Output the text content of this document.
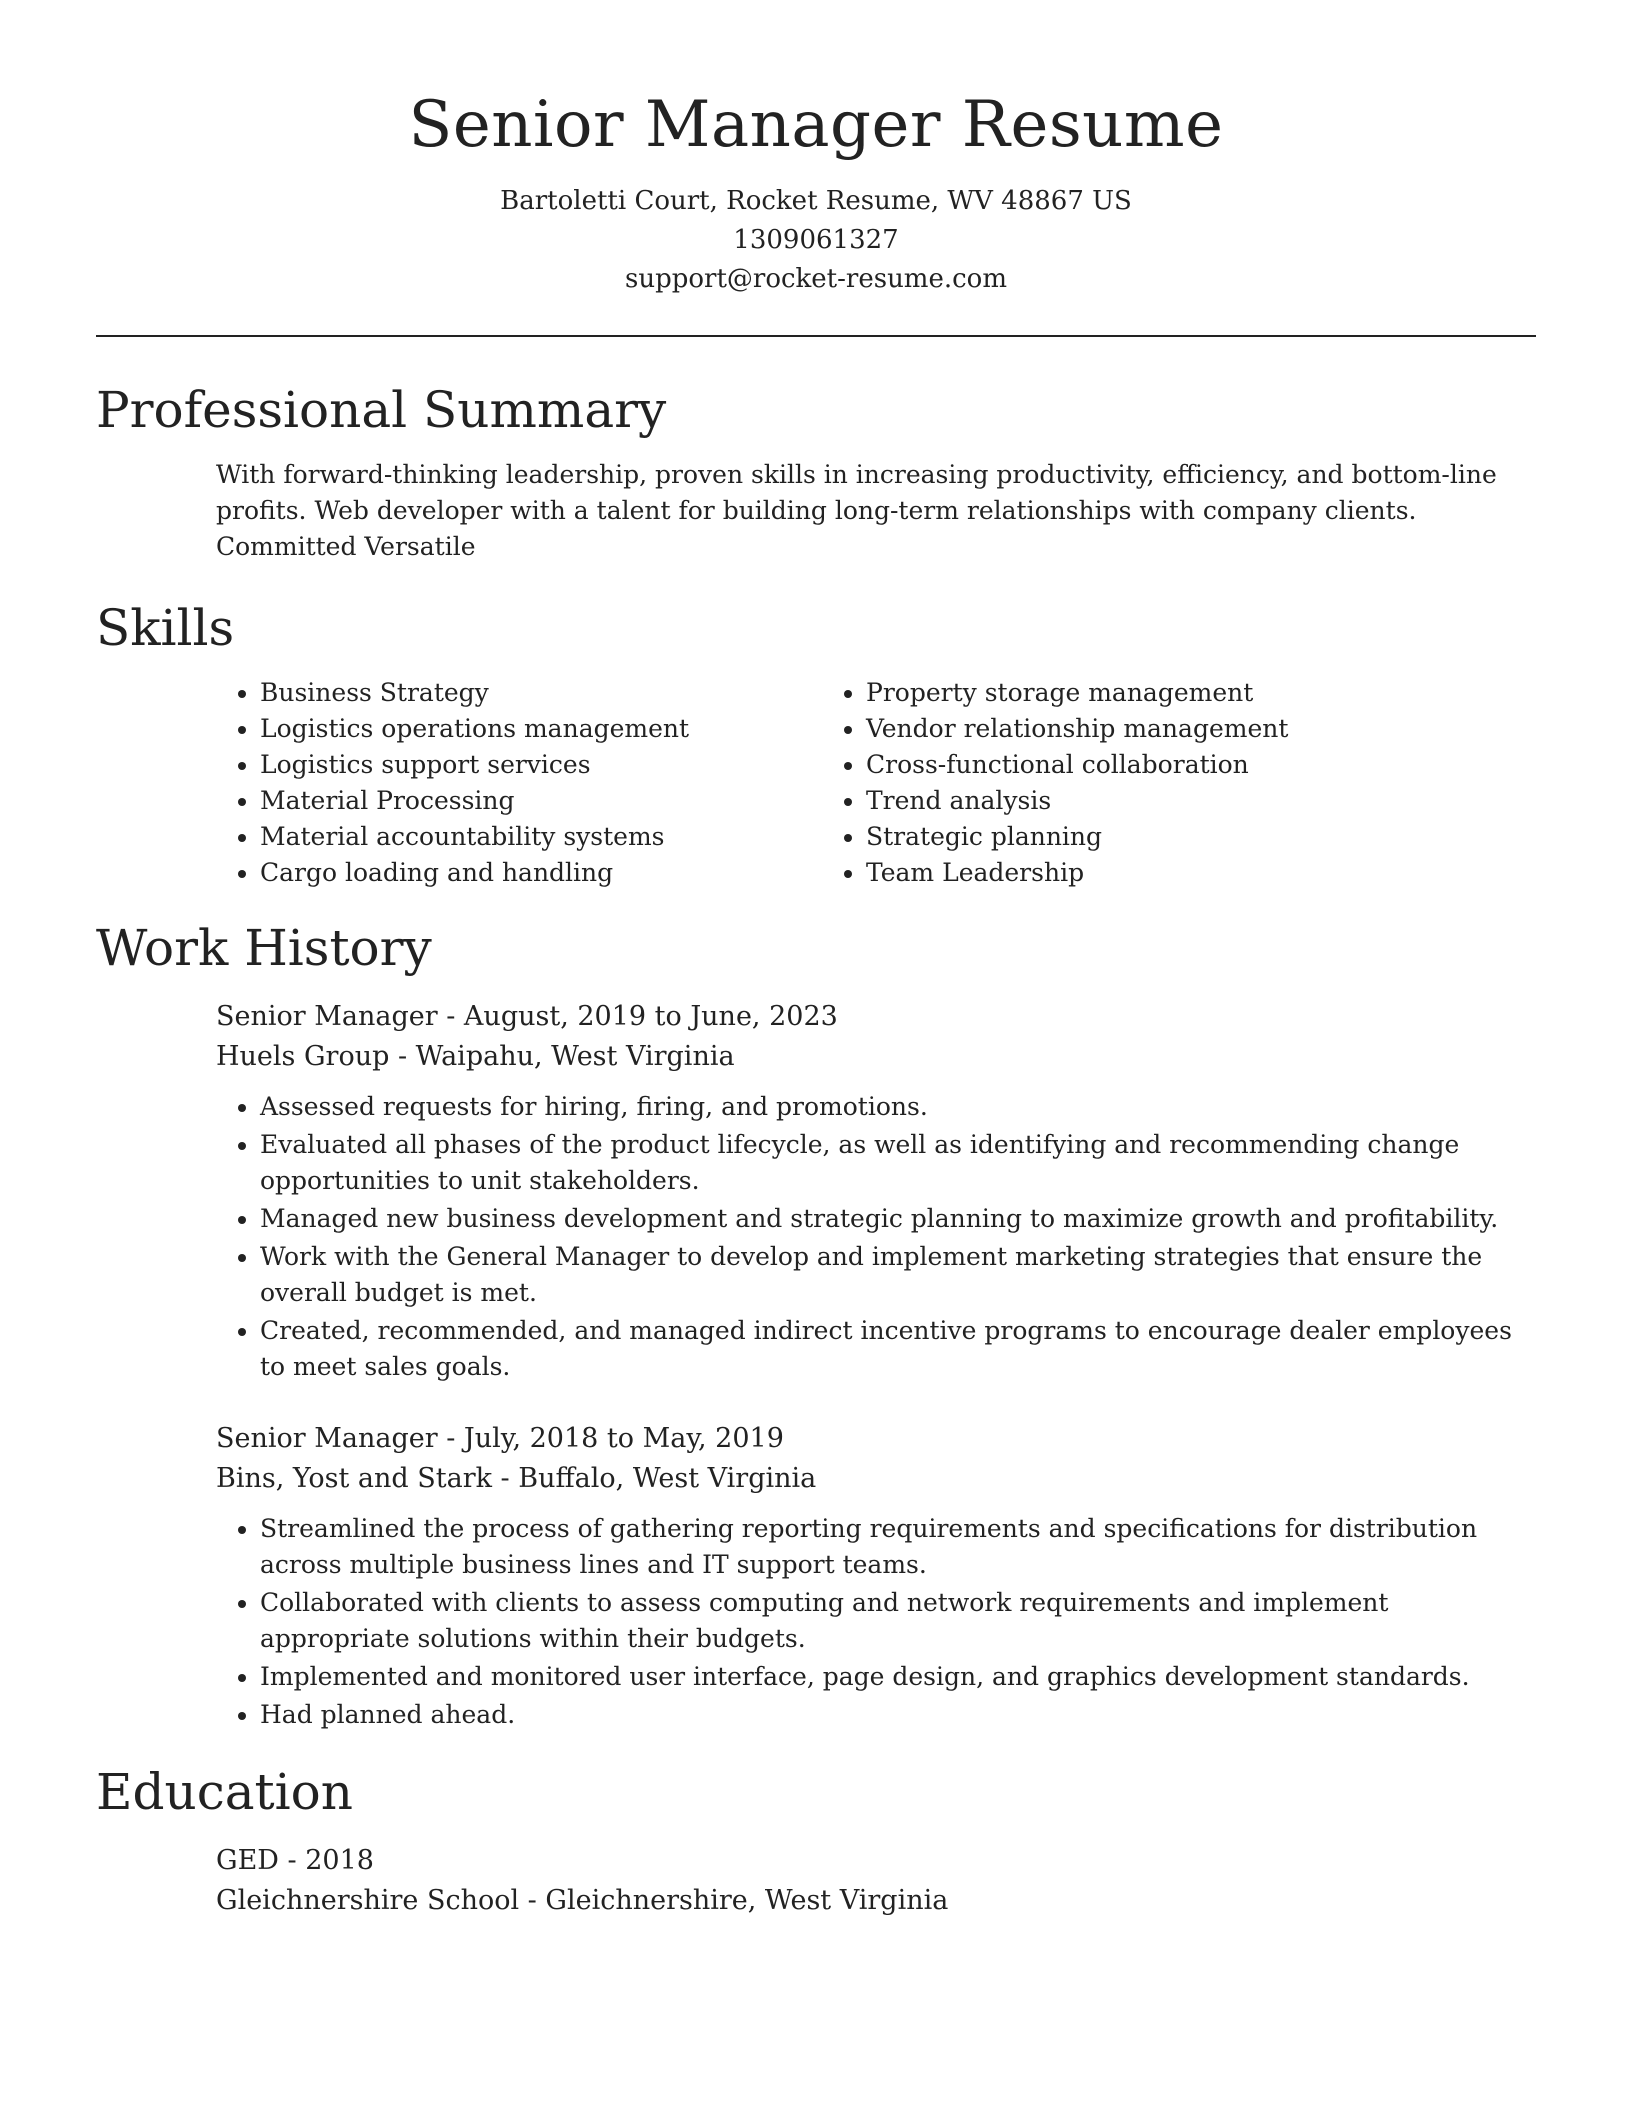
Senior Manager Resume
Bartoletti Court, Rocket Resume, WV 48867 US
1309061327
support@rocket-resume.com
Professional Summary
With forward-thinking leadership, proven skills in increasing productivity, efficiency, and bottom-line profits. Web developer with a talent for building long-term relationships with company clients. Committed Versatile
Skills
• Business Strategy
• Logistics operations management
• Logistics support services
• Material Processing
• Material accountability systems
• Cargo loading and handling
• Property storage management
• Vendor relationship management
• Cross-functional collaboration
• Trend analysis
• Strategic planning
• Team Leadership
Work History
Senior Manager - August, 2019 to June, 2023
Huels Group - Waipahu, West Virginia
• Assessed requests for hiring, firing, and promotions.
• Evaluated all phases of the product lifecycle, as well as identifying and recommending change opportunities to unit stakeholders.
• Managed new business development and strategic planning to maximize growth and profitability.
• Work with the General Manager to develop and implement marketing strategies that ensure the overall budget is met.
• Created, recommended, and managed indirect incentive programs to encourage dealer employees to meet sales goals.
Senior Manager - July, 2018 to May, 2019
Bins, Yost and Stark - Buffalo, West Virginia
• Streamlined the process of gathering reporting requirements and specifications for distribution across multiple business lines and IT support teams.
• Collaborated with clients to assess computing and network requirements and implement appropriate solutions within their budgets.
• Implemented and monitored user interface, page design, and graphics development standards.
• Had planned ahead.
Education
GED - 2018
Gleichnershire School - Gleichnershire, West Virginia
